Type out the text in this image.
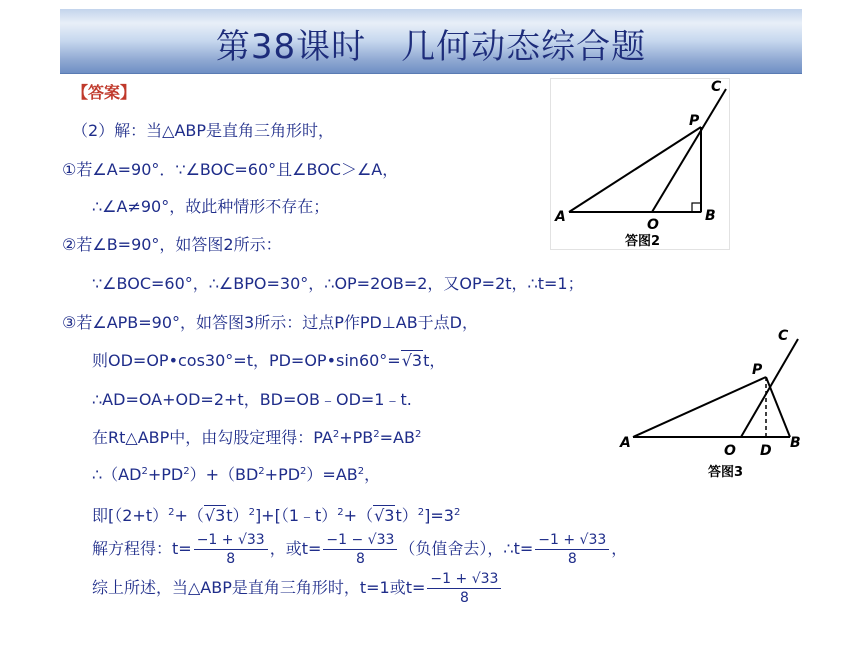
第38课时　几何动态综合题
【答案】
（2）解：当△ABP是直角三角形时，
①若∠A=90°．∵∠BOC=60°且∠BOC＞∠A，
∴∠A≠90°，故此种情形不存在；
②若∠B=90°，如答图2所示：
∵∠BOC=60°，∴∠BPO=30°，∴OP=2OB=2，又OP=2t，∴t=1；
③若∠APB=90°，如答图3所示：过点P作PD⊥AB于点D，
则OD=OP•cos30°=t，PD=OP•sin60°=√3t，
∴AD=OA+OD=2+t，BD=OB﹣OD=1﹣t.
在Rt△ABP中，由勾股定理得：$PA^2+PB^2=AB^2$
$\therefore(AD^2+PD^2)+(BD^2+PD^2)=AB^2$，
即$[(2+t)^2+(√3t)^2]+[(1﹣t)^2+(√3t)^2]=3^2$
解方程得：$t= \frac{-1 + √33}{8}$ ，或$t= \frac{-1 - √33}{8}$ （负值舍去），∴t= $\frac{-1 + √33}{8}$ ，
综上所述，当△ABP是直角三角形时，t=1或$t= \frac{-1 + √33}{8}$
A	O
B
P
C
答图2
A	O D B
P
C
答图3
